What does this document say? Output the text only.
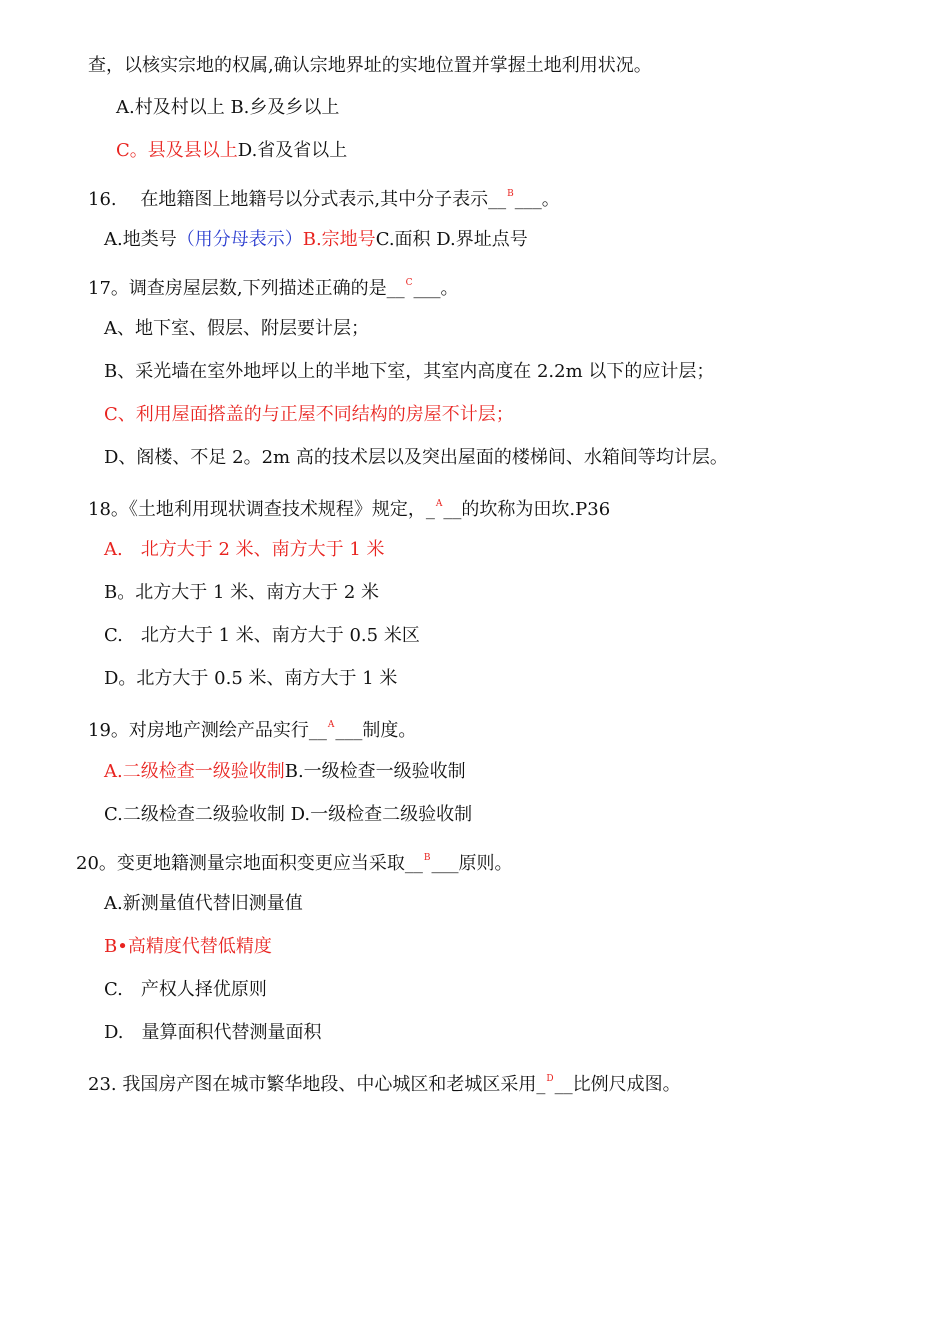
查，以核实宗地的权属,确认宗地界址的实地位置并掌握土地利用状况。
A.村及村以上 B.乡及乡以上
C。县及县以上D.省及省以上
16.　 在地籍图上地籍号以分式表示,其中分子表示__$^B$___。
A.地类号（用分母表示）B.宗地号C.面积 D.界址点号
17。调查房屋层数,下列描述正确的是__$^C$___。
A、地下室、假层、附层要计层；
B、采光墙在室外地坪以上的半地下室，其室内高度在 2.2m 以下的应计层；
C、利用屋面搭盖的与正屋不同结构的房屋不计层；
D、阁楼、不足 2。2m 高的技术层以及突出屋面的楼梯间、水箱间等均计层。
18。《土地利用现状调查技术规程》规定，_$^A$__的坎称为田坎.P36
A.　北方大于 2 米、南方大于 1 米
B。北方大于 1 米、南方大于 2 米
C.　北方大于 1 米、南方大于 0.5 米区
D。北方大于 0.5 米、南方大于 1 米
19。对房地产测绘产品实行__$^A$___制度。
A.二级检查一级验收制B.一级检查一级验收制
C.二级检查二级验收制 D.一级检查二级验收制
20。变更地籍测量宗地面积变更应当采取__$^B$___原则。
A.新测量值代替旧测量值
B•高精度代替低精度
C.　产权人择优原则
D.　量算面积代替测量面积
23. 我国房产图在城市繁华地段、中心城区和老城区采用_$^D$__比例尺成图。
